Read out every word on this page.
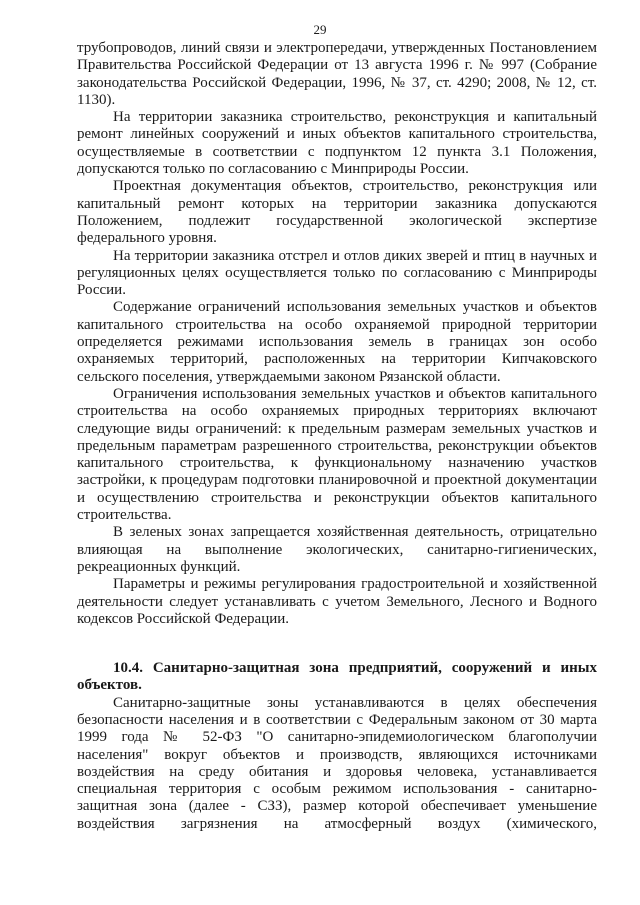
29

трубопроводов, линий связи и электропередачи, утвержденных Постановлением Правительства Российской Федерации от 13 августа 1996 г. № 997 (Собрание законодательства Российской Федерации, 1996, № 37, ст. 4290; 2008, № 12, ст. 1130).

На территории заказника строительство, реконструкция и капитальный ремонт линейных сооружений и иных объектов капитального строительства, осуществляемые в соответствии с подпунктом 12 пункта 3.1 Положения, допускаются только по согласованию с Минприроды России.

Проектная документация объектов, строительство, реконструкция или капитальный ремонт которых на территории заказника допускаются Положением, подлежит государственной экологической экспертизе федерального уровня.

На территории заказника отстрел и отлов диких зверей и птиц в научных и регуляционных целях осуществляется только по согласованию с Минприроды России.

Содержание ограничений использования земельных участков и объектов капитального строительства на особо охраняемой природной территории определяется режимами использования земель в границах зон особо охраняемых территорий, расположенных на территории Кипчаковского сельского поселения, утверждаемыми законом Рязанской области.

Ограничения использования земельных участков и объектов капитального строительства на особо охраняемых природных территориях включают следующие виды ограничений: к предельным размерам земельных участков и предельным параметрам разрешенного строительства, реконструкции объектов капитального строительства, к функциональному назначению участков застройки, к процедурам подготовки планировочной и проектной документации и осуществлению строительства и реконструкции объектов капитального строительства.

В зеленых зонах запрещается хозяйственная деятельность, отрицательно влияющая на выполнение экологических, санитарно-гигиенических, рекреационных функций.

Параметры и режимы регулирования градостроительной и хозяйственной деятельности следует устанавливать с учетом Земельного, Лесного и Водного кодексов Российской Федерации.

10.4. Санитарно-защитная зона предприятий, сооружений и иных объектов.

Санитарно-защитные зоны устанавливаются в целях обеспечения безопасности населения и в соответствии с Федеральным законом от 30 марта 1999 года № 52-ФЗ "О санитарно-эпидемиологическом благополучии населения" вокруг объектов и производств, являющихся источниками воздействия на среду обитания и здоровья человека, устанавливается специальная территория с особым режимом использования - санитарно-защитная зона (далее - СЗЗ), размер которой обеспечивает уменьшение воздействия загрязнения на атмосферный воздух (химического,
